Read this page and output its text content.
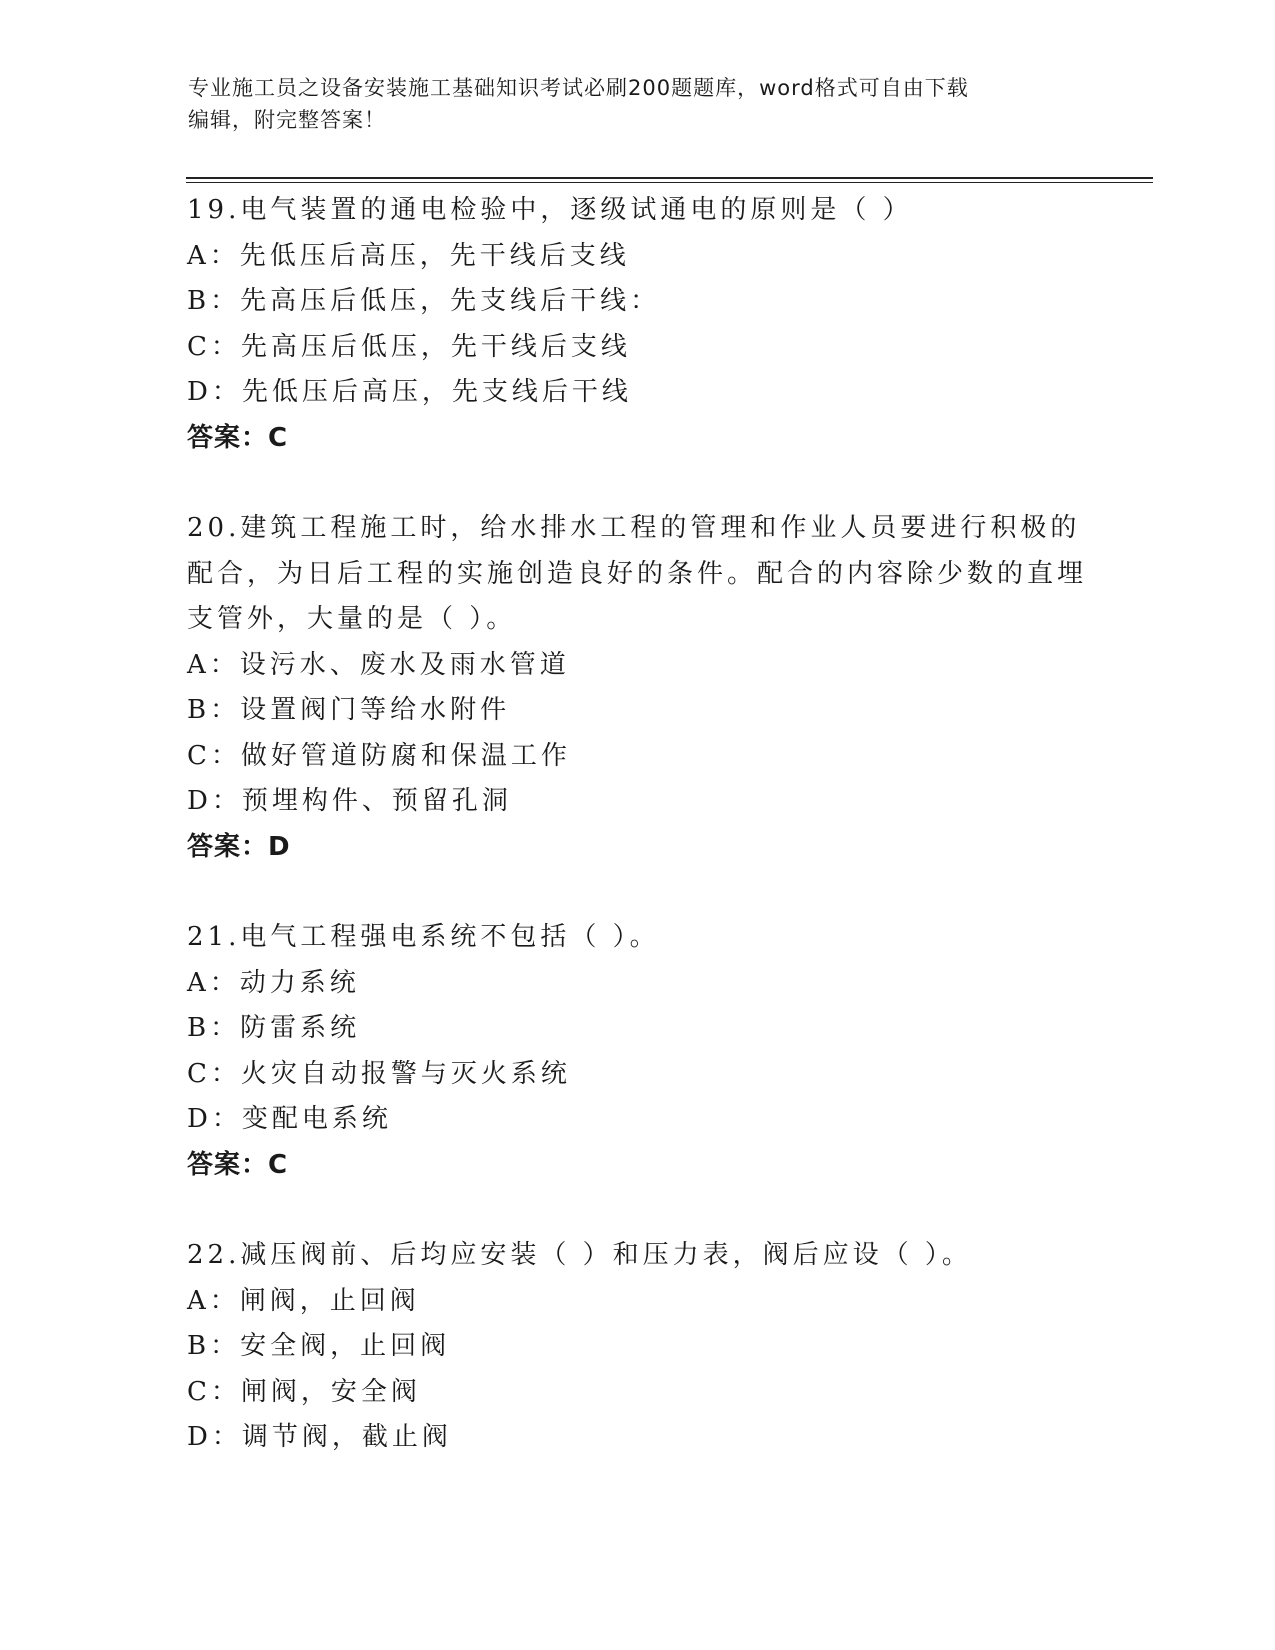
专业施工员之设备安装施工基础知识考试必刷200题题库，word格式可自由下载
编辑，附完整答案！
19.电气装置的通电检验中，逐级试通电的原则是（ ）
A：先低压后高压，先干线后支线
B：先高压后低压，先支线后干线：
C：先高压后低压，先干线后支线
D：先低压后高压，先支线后干线
答案：C
20.建筑工程施工时，给水排水工程的管理和作业人员要进行积极的配合，为日后工程的实施创造良好的条件。配合的内容除少数的直埋支管外，大量的是（ ）。
A：设污水、废水及雨水管道
B：设置阀门等给水附件
C：做好管道防腐和保温工作
D：预埋构件、预留孔洞
答案：D
21.电气工程强电系统不包括（ ）。
A：动力系统
B：防雷系统
C：火灾自动报警与灭火系统
D：变配电系统
答案：C
22.减压阀前、后均应安装（ ）和压力表，阀后应设（ ）。
A：闸阀，止回阀
B：安全阀，止回阀
C：闸阀，安全阀
D：调节阀，截止阀
